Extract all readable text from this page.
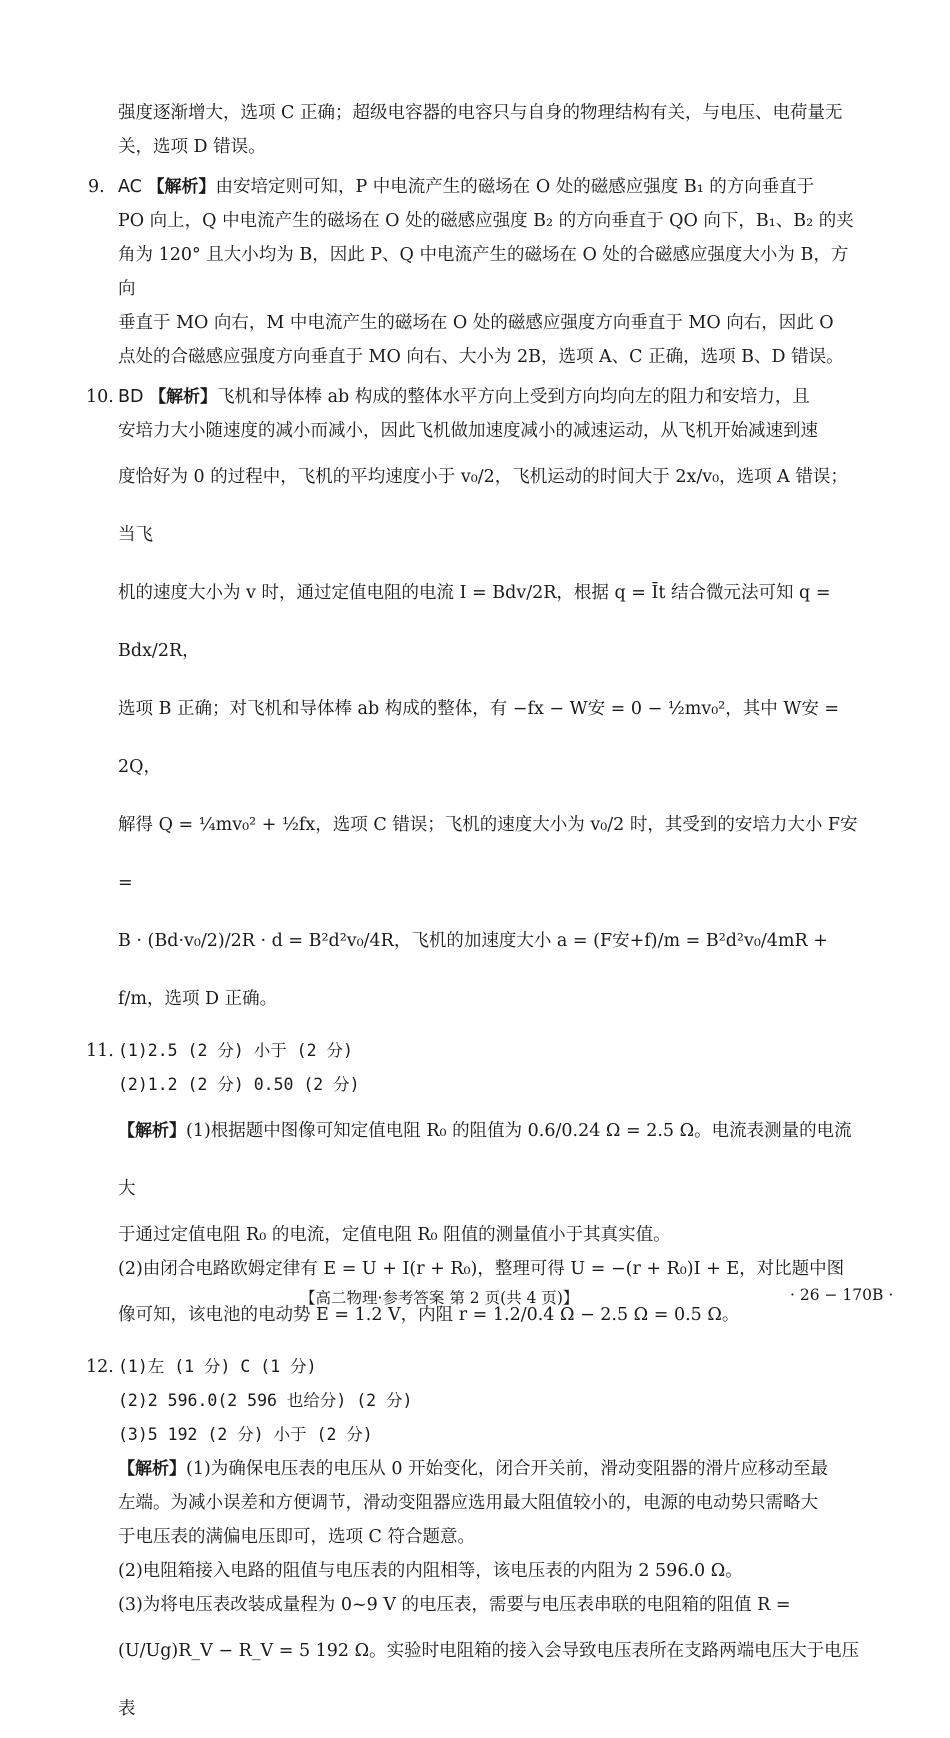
强度逐渐增大，选项 C 正确；超级电容器的电容只与自身的物理结构有关，与电压、电荷量无

关，选项 D 错误。

9. AC 【解析】由安培定则可知，P 中电流产生的磁场在 O 处的磁感应强度 B₁ 的方向垂直于

PO 向上，Q 中电流产生的磁场在 O 处的磁感应强度 B₂ 的方向垂直于 QO 向下，B₁、B₂ 的夹

角为 120° 且大小均为 B，因此 P、Q 中电流产生的磁场在 O 处的合磁感应强度大小为 B，方向

垂直于 MO 向右，M 中电流产生的磁场在 O 处的磁感应强度方向垂直于 MO 向右，因此 O

点处的合磁感应强度方向垂直于 MO 向右、大小为 2B，选项 A、C 正确，选项 B、D 错误。

10. BD 【解析】飞机和导体棒 ab 构成的整体水平方向上受到方向均向左的阻力和安培力，且

安培力大小随速度的减小而减小，因此飞机做加速度减小的减速运动，从飞机开始减速到速

度恰好为 0 的过程中，飞机的平均速度小于 v₀/2，飞机运动的时间大于 2x/v₀，选项 A 错误；当飞

机的速度大小为 v 时，通过定值电阻的电流 I = Bdv/2R，根据 q = Īt 结合微元法可知 q = Bdx/2R，

选项 B 正确；对飞机和导体棒 ab 构成的整体，有 −fx − W安 = 0 − ½mv₀²，其中 W安 = 2Q，

解得 Q = ¼mv₀² + ½fx，选项 C 错误；飞机的速度大小为 v₀/2 时，其受到的安培力大小 F安 =

B · (Bd·v₀/2)/2R · d = B²d²v₀/4R，飞机的加速度大小 a = (F安+f)/m = B²d²v₀/4mR + f/m，选项 D 正确。

11. (1)2.5 (2 分) 小于 (2 分)

(2)1.2 (2 分) 0.50 (2 分)

【解析】(1)根据题中图像可知定值电阻 R₀ 的阻值为 0.6/0.24 Ω = 2.5 Ω。电流表测量的电流大

于通过定值电阻 R₀ 的电流，定值电阻 R₀ 阻值的测量值小于其真实值。

(2)由闭合电路欧姆定律有 E = U + I(r + R₀)，整理可得 U = −(r + R₀)I + E，对比题中图

像可知，该电池的电动势 E = 1.2 V，内阻 r = 1.2/0.4 Ω − 2.5 Ω = 0.5 Ω。

12. (1)左 (1 分) C (1 分)

(2)2 596.0(2 596 也给分) (2 分)

(3)5 192 (2 分) 小于 (2 分)

【解析】(1)为确保电压表的电压从 0 开始变化，闭合开关前，滑动变阻器的滑片应移动至最

左端。为减小误差和方便调节，滑动变阻器应选用最大阻值较小的，电源的电动势只需略大

于电压表的满偏电压即可，选项 C 符合题意。

(2)电阻箱接入电路的阻值与电压表的内阻相等，该电压表的内阻为 2 596.0 Ω。

(3)为将电压表改装成量程为 0~9 V 的电压表，需要与电压表串联的电阻箱的阻值 R =

(U/Ug)R_V − R_V = 5 192 Ω。实验时电阻箱的接入会导致电压表所在支路两端电压大于电压表

【高二物理·参考答案 第 2 页(共 4 页)】	· 26 − 170B ·
